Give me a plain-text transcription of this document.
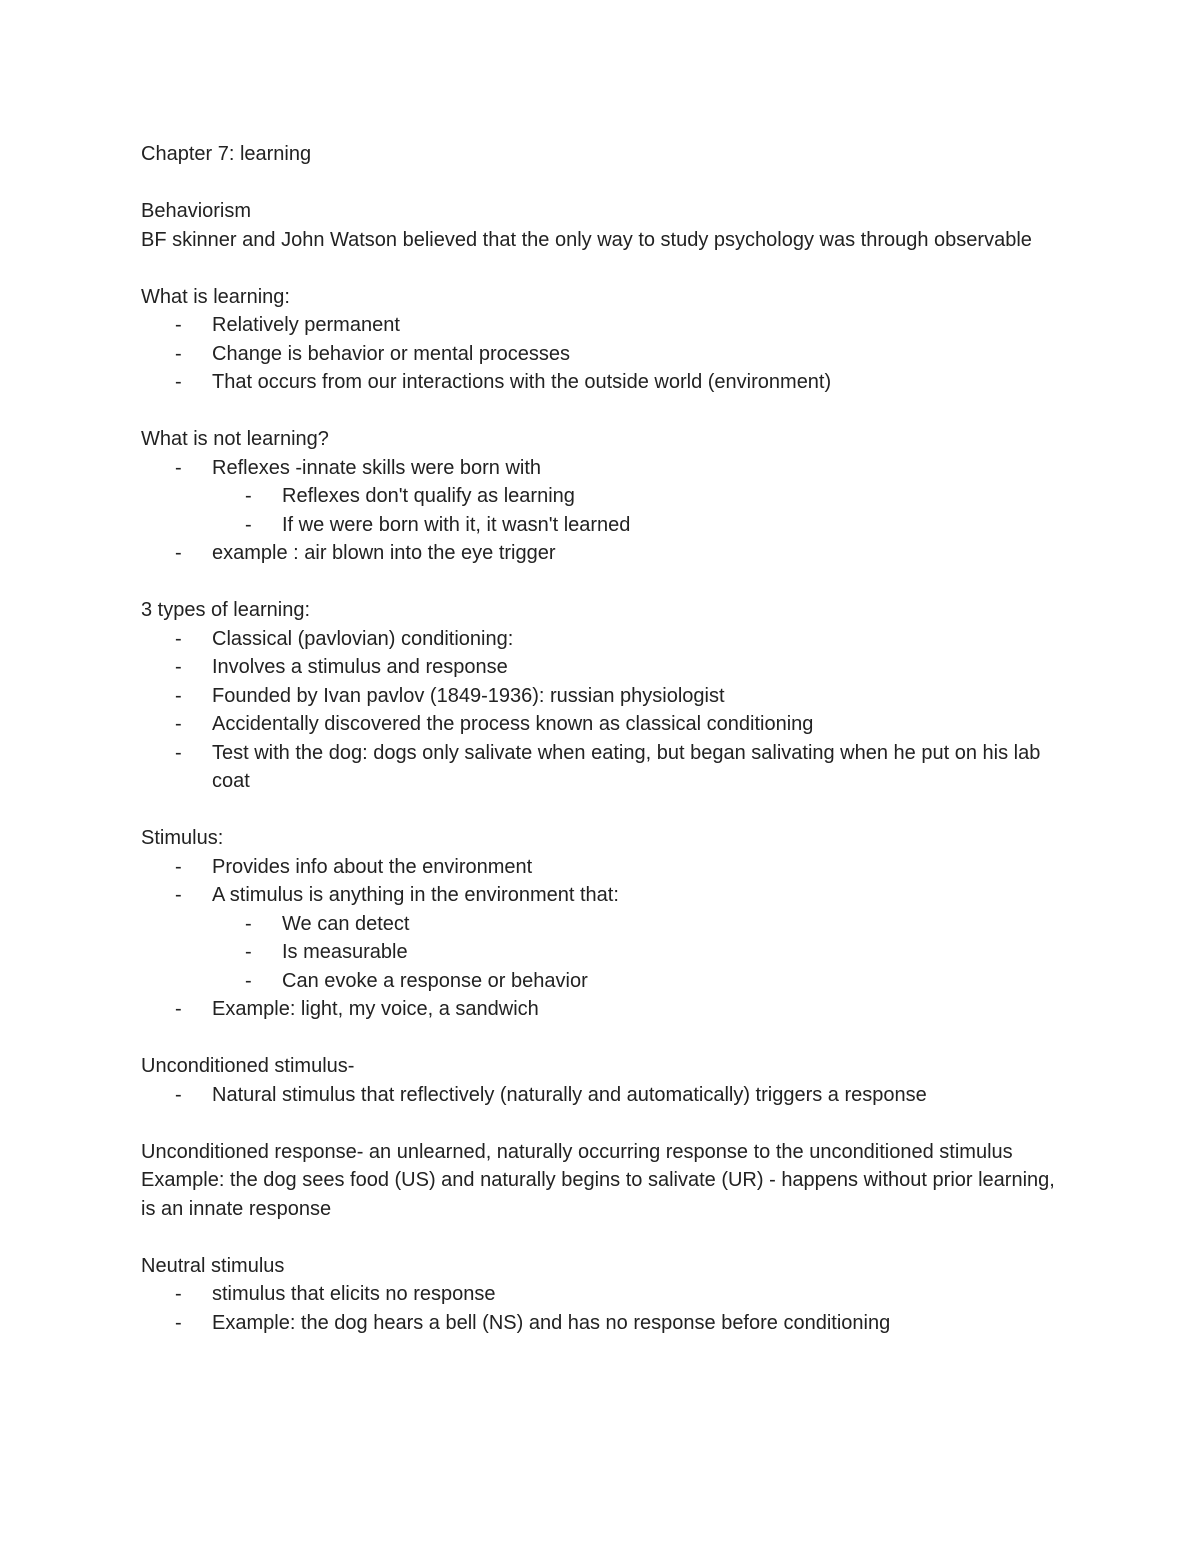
Chapter 7: learning
Behaviorism
BF skinner and John Watson believed that the only way to study psychology was through observable
What is learning:
- Relatively permanent
- Change is behavior or mental processes
- That occurs from our interactions with the outside world (environment)
What is not learning?
- Reflexes -innate skills were born with
- Reflexes don't qualify as learning
- If we were born with it, it wasn't learned
- example : air blown into the eye trigger
3 types of learning:
- Classical (pavlovian) conditioning:
- Involves a stimulus and response
- Founded by Ivan pavlov (1849-1936): russian physiologist
- Accidentally discovered the process known as classical conditioning
- Test with the dog: dogs only salivate when eating, but began salivating when he put on his lab coat
Stimulus:
- Provides info about the environment
- A stimulus is anything in the environment that:
- We can detect
- Is measurable
- Can evoke a response or behavior
- Example: light, my voice, a sandwich
Unconditioned stimulus-
- Natural stimulus that reflectively (naturally and automatically) triggers a response
Unconditioned response- an unlearned, naturally occurring response to the unconditioned stimulus
Example: the dog sees food (US) and naturally begins to salivate (UR) - happens without prior learning, is an innate response
Neutral stimulus
- stimulus that elicits no response
- Example: the dog hears a bell (NS) and has no response before conditioning
